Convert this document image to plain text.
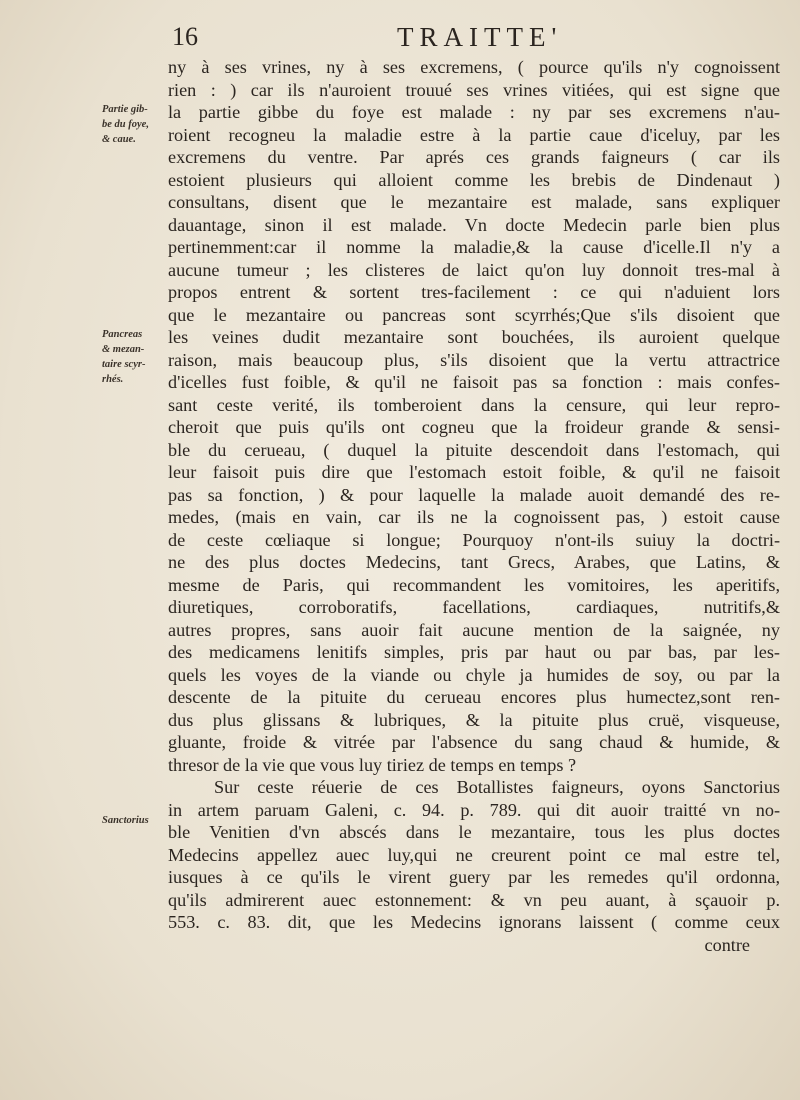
16	TRAITTE'
Partie gib-
be du foye,
& caue.
Pancreas
& mezan-
taire scyr-
rhés.
Sanctorius
ny à ses vrines, ny à ses excremens, ( pource qu'ils n'y cognoissent
rien : ) car ils n'auroient trouué ses vrines vitiées, qui est signe que
la partie gibbe du foye est malade : ny par ses excremens n'au-
roient recogneu la maladie estre à la partie caue d'iceluy, par les
excremens du ventre. Par aprés ces grands faigneurs ( car ils
estoient plusieurs qui alloient comme les brebis de Dindenaut )
consultans, disent que le mezantaire est malade, sans expliquer
dauantage, sinon il est malade. Vn docte Medecin parle bien plus
pertinemment:car il nomme la maladie,& la cause d'icelle.Il n'y a
aucune tumeur ; les clisteres de laict qu'on luy donnoit tres-mal à
propos entrent & sortent tres-facilement : ce qui n'aduient lors
que le mezantaire ou pancreas sont scyrrhés;Que s'ils disoient que
les veines dudit mezantaire sont bouchées, ils auroient quelque
raison, mais beaucoup plus, s'ils disoient que la vertu attractrice
d'icelles fust foible, & qu'il ne faisoit pas sa fonction : mais confes-
sant ceste verité, ils tomberoient dans la censure, qui leur repro-
cheroit que puis qu'ils ont cogneu que la froideur grande & sensi-
ble du cerueau, ( duquel la pituite descendoit dans l'estomach, qui
leur faisoit puis dire que l'estomach estoit foible, & qu'il ne faisoit
pas sa fonction, ) & pour laquelle la malade auoit demandé des re-
medes, (mais en vain, car ils ne la cognoissent pas, ) estoit cause
de ceste cœliaque si longue; Pourquoy n'ont-ils suiuy la doctri-
ne des plus doctes Medecins, tant Grecs, Arabes, que Latins, &
mesme de Paris, qui recommandent les vomitoires, les aperitifs,
diuretiques, corroboratifs, facellations, cardiaques, nutritifs,&
autres propres, sans auoir fait aucune mention de la saignée, ny
des medicamens lenitifs simples, pris par haut ou par bas, par les-
quels les voyes de la viande ou chyle ja humides de soy, ou par la
descente de la pituite du cerueau encores plus humectez,sont ren-
dus plus glissans & lubriques, & la pituite plus cruë, visqueuse,
gluante, froide & vitrée par l'absence du sang chaud & humide, &
thresor de la vie que vous luy tiriez de temps en temps ?
Sur ceste réuerie de ces Botallistes faigneurs, oyons Sanctorius
in artem paruam Galeni, c. 94. p. 789. qui dit auoir traitté vn no-
ble Venitien d'vn abscés dans le mezantaire, tous les plus doctes
Medecins appellez auec luy,qui ne creurent point ce mal estre tel,
iusques à ce qu'ils le virent guery par les remedes qu'il ordonna,
qu'ils admirerent auec estonnement: & vn peu auant, à sçauoir p.
553. c. 83. dit, que les Medecins ignorans laissent ( comme ceux
contre
